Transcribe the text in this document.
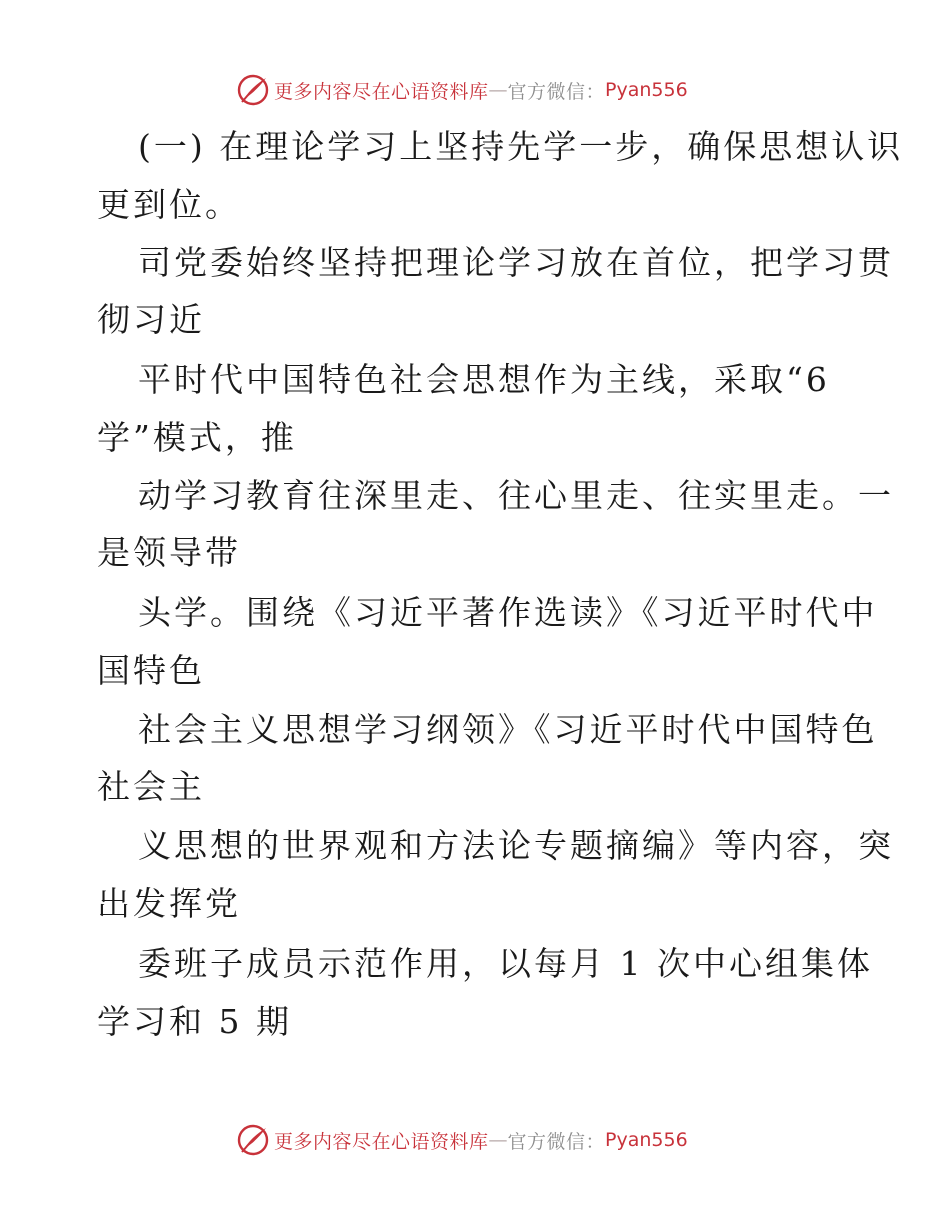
更多内容尽在心语资料库 — 官方微信： Pyan556
(一) 在理论学习上坚持先学一步，确保思想认识
更到位。
司党委始终坚持把理论学习放在首位，把学习贯
彻习近
平时代中国特色社会思想作为主线，采取“6
学”模式，推
动学习教育往深里走、往心里走、往实里走。一
是领导带
头学。围绕《习近平著作选读》《习近平时代中
国特色
社会主义思想学习纲领》《习近平时代中国特色
社会主
义思想的世界观和方法论专题摘编》等内容，突
出发挥党
委班子成员示范作用，以每月 1 次中心组集体
学习和 5 期
更多内容尽在心语资料库 — 官方微信： Pyan556
